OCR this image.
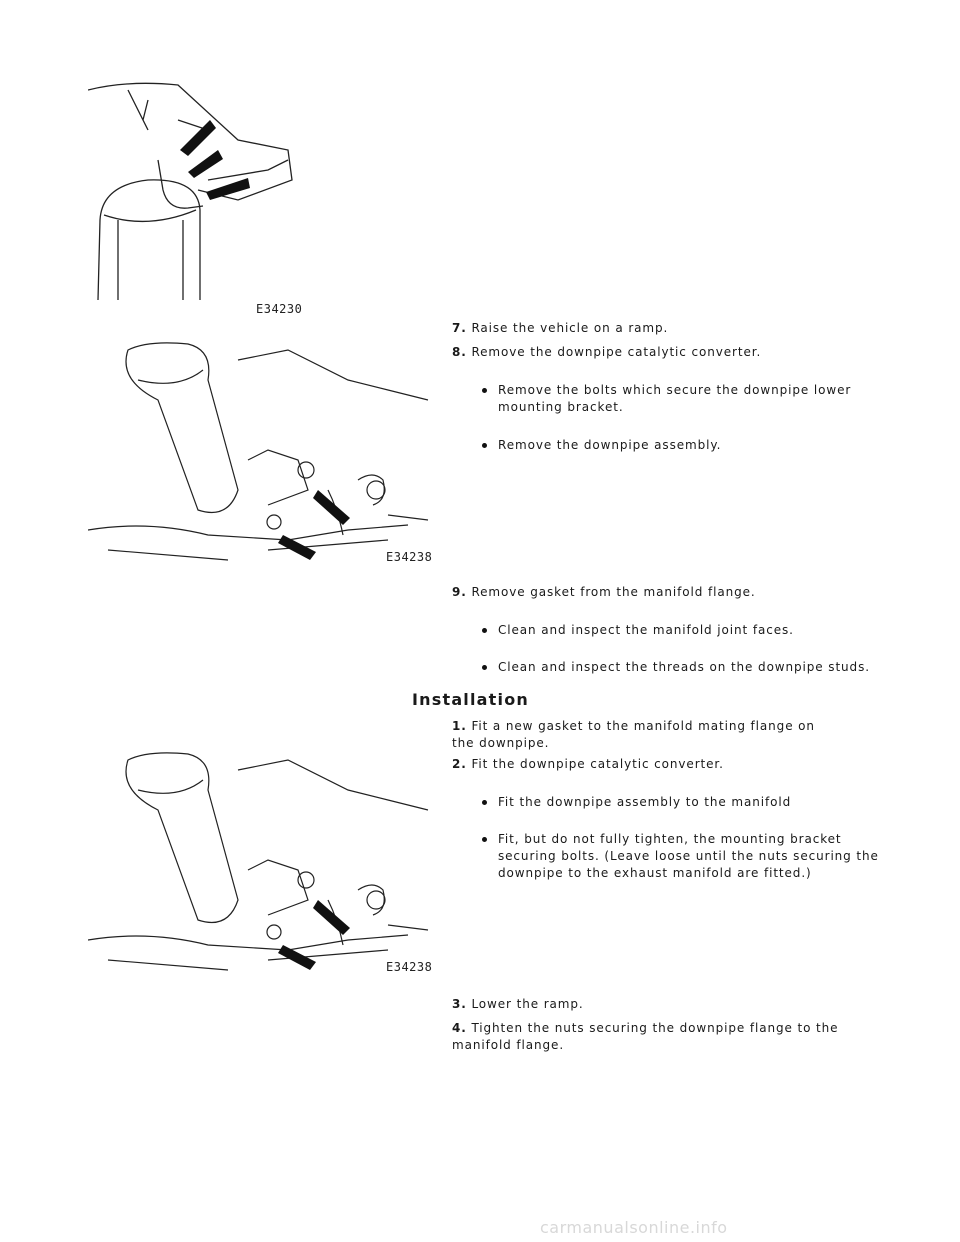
E34230
E34238
E34238
7. Raise the vehicle on a ramp.
8. Remove the downpipe catalytic converter.
Remove the bolts which secure the downpipe lower mounting bracket.
Remove the downpipe assembly.
9. Remove gasket from the manifold flange.
Clean and inspect the manifold joint faces.
Clean and inspect the threads on the downpipe studs.
Installation
1. Fit a new gasket to the manifold mating flange on the downpipe.
2. Fit the downpipe catalytic converter.
Fit the downpipe assembly to the manifold
Fit, but do not fully tighten, the mounting bracket securing bolts. (Leave loose until the nuts securing the downpipe to the exhaust manifold are fitted.)
3. Lower the ramp.
4. Tighten the nuts securing the downpipe flange to the manifold flange.
carmanualsonline.info
